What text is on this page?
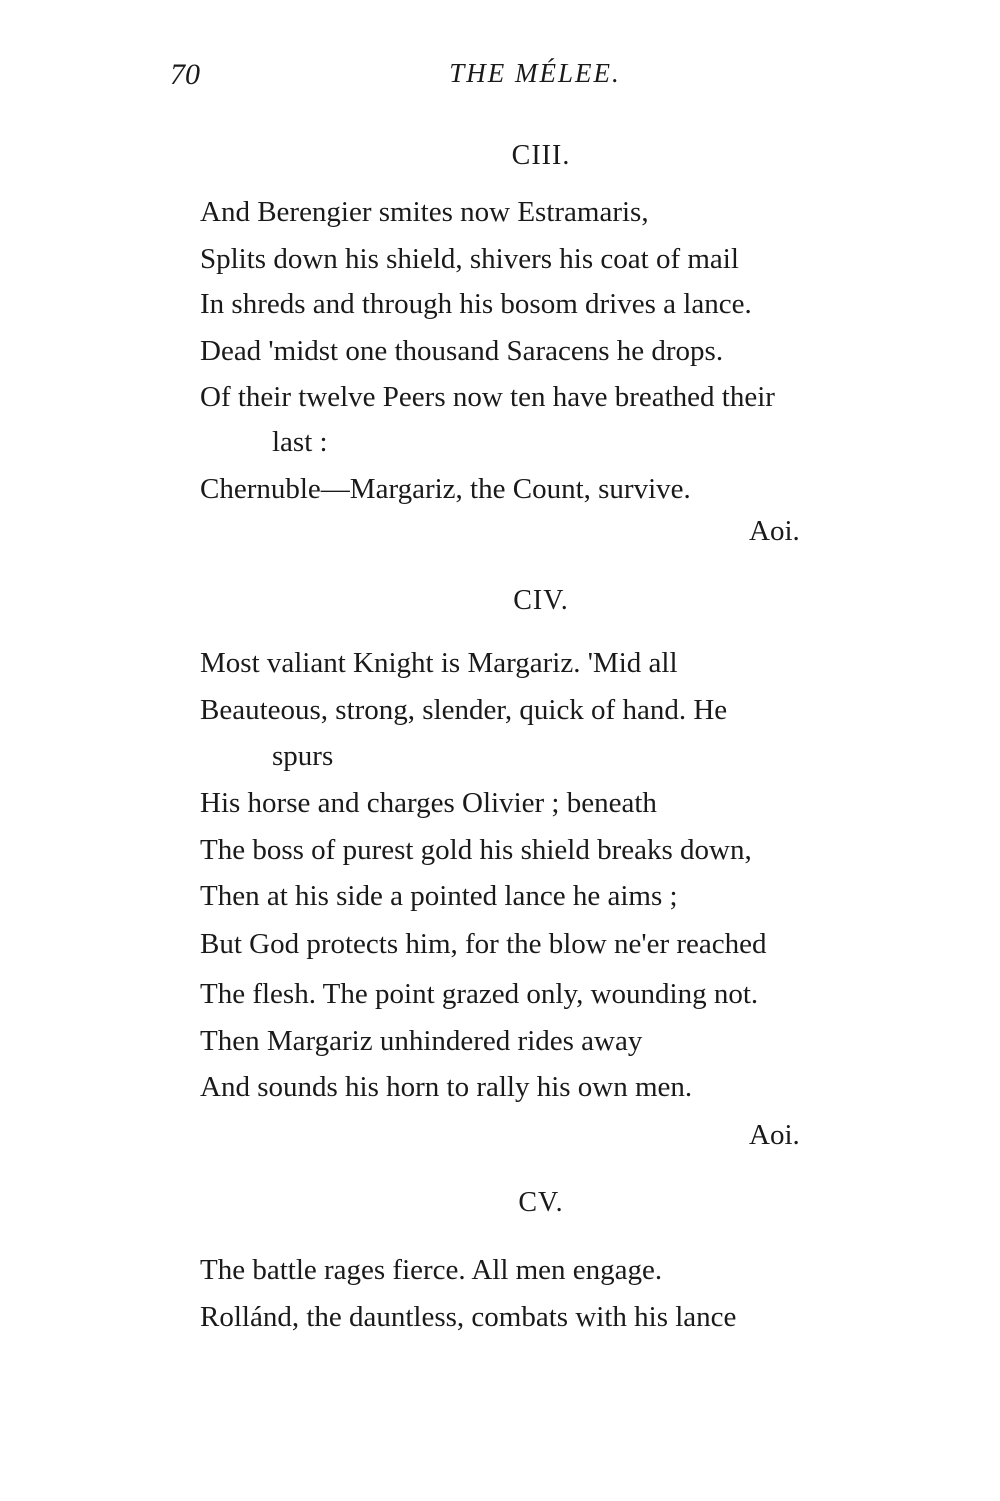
70	THE MÉLEE.
CIII.
And Berengier smites now Estramaris,
Splits down his shield, shivers his coat of mail
In shreds and through his bosom drives a lance.
Dead 'midst one thousand Saracens he drops.
Of their twelve Peers now ten have breathed their
last :
Chernuble—Margariz, the Count, survive.
Aoi.
CIV.
Most valiant Knight is Margariz. 'Mid all
Beauteous, strong, slender, quick of hand. He
spurs
His horse and charges Olivier ; beneath
The boss of purest gold his shield breaks down,
Then at his side a pointed lance he aims ;
But God protects him, for the blow ne'er reached
The flesh. The point grazed only, wounding not.
Then Margariz unhindered rides away
And sounds his horn to rally his own men.
Aoi.
CV.
The battle rages fierce. All men engage.
Rollánd, the dauntless, combats with his lance
